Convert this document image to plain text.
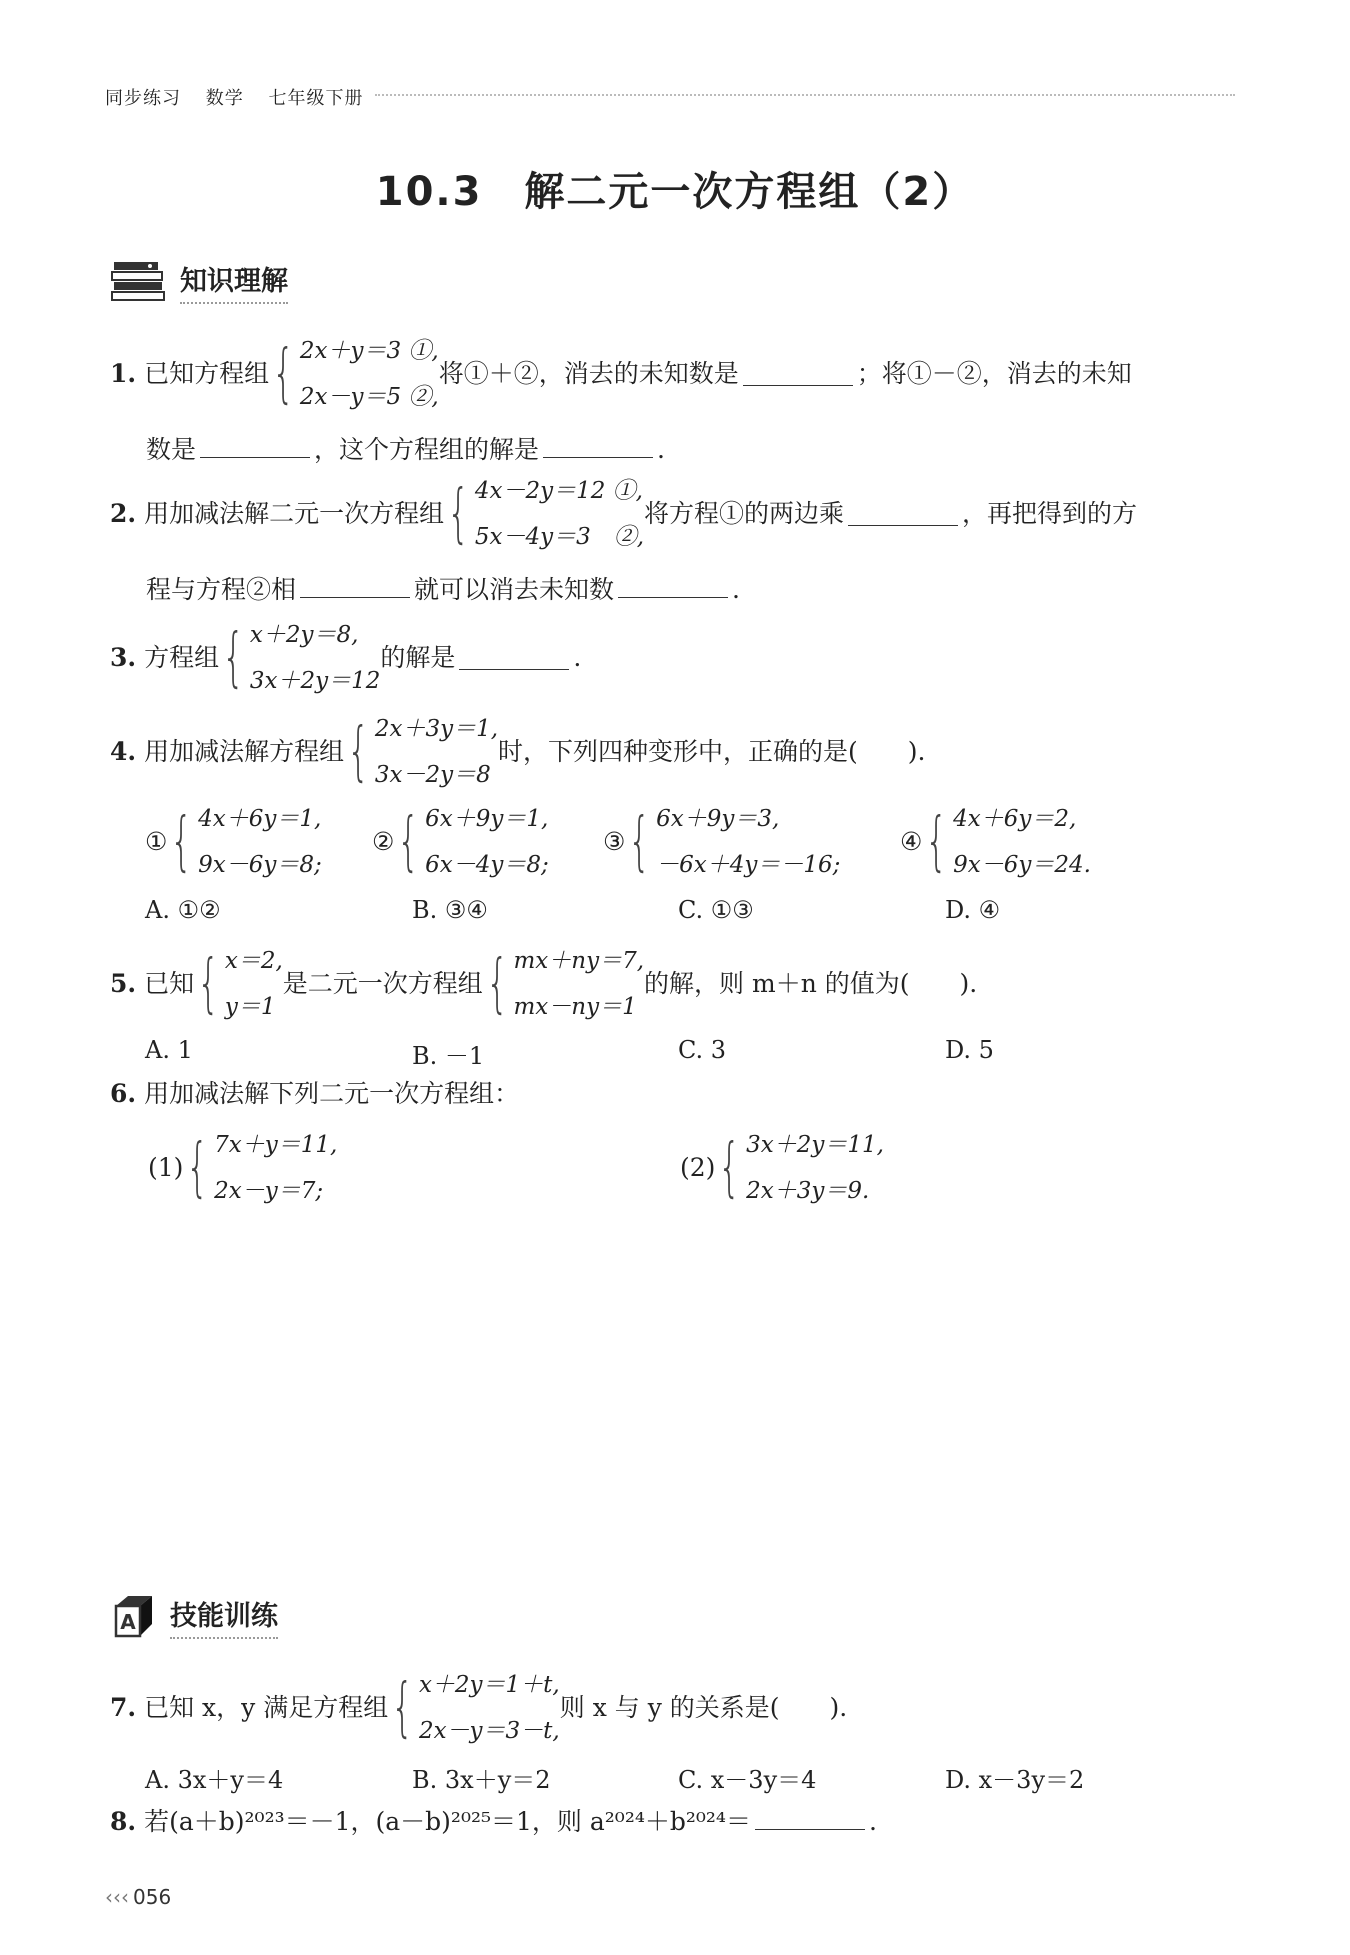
同步练习 数学 七年级下册
10.3　解二元一次方程组（2）
知识理解
1. 已知方程组 { 2x＋y＝3 ①,
2x－y＝5 ②,
将①＋②，消去的未知数是	；将①－②，消去的未知
数是	，这个方程组的解是	.
2. 用加减法解二元一次方程组 { 4x－2y＝12 ①,
5x－4y＝3　②,
将方程①的两边乘	，再把得到的方
程与方程②相	就可以消去未知数	.
3. 方程组 { x＋2y＝8,
3x＋2y＝12
的解是	.
4. 用加减法解方程组 { 2x＋3y＝1,
3x－2y＝8
时，下列四种变形中，正确的是(　　).
① { 4x＋6y＝1,
9x－6y＝8;
② { 6x＋9y＝1,
6x－4y＝8;
③ { 6x＋9y＝3,
－6x＋4y＝－16;
④ { 4x＋6y＝2,
9x－6y＝24.
A. ①②	B. ③④	C. ①③	D. ④
5. 已知 { x＝2,
y＝1
是二元一次方程组 { mx＋ny＝7,
mx－ny＝1
的解，则 m＋n 的值为(　　).
A. 1	B. －1	C. 3	D. 5
6. 用加减法解下列二元一次方程组：
(1) { 7x＋y＝11,
2x－y＝7;
(2) { 3x＋2y＝11,
2x＋3y＝9.
A 技能训练
7. 已知 x，y 满足方程组 { x＋2y＝1＋t,
2x－y＝3－t,
则 x 与 y 的关系是(　　).
A. 3x＋y＝4	B. 3x＋y＝2	C. x－3y＝4	D. x－3y＝2
8. 若(a＋b)²⁰²³＝－1，(a－b)²⁰²⁵＝1，则 a²⁰²⁴＋b²⁰²⁴＝	.
‹‹‹ 056
